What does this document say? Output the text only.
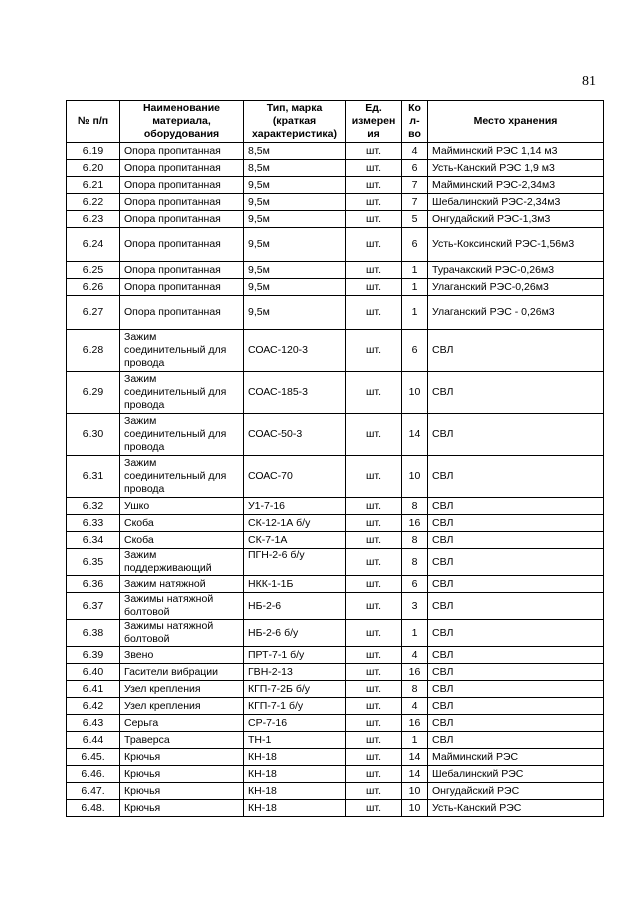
81
№ п/п	Наименование материала, оборудования	Тип, марка (краткая характеристика)	Ед. измерен ия	Ко л- во	Место хранения
6.19	Опора пропитанная	8,5м	шт.	4	Майминский РЭС 1,14 м3
6.20	Опора пропитанная	8,5м	шт.	6	Усть-Канский РЭС 1,9 м3
6.21	Опора пропитанная	9,5м	шт.	7	Майминский РЭС-2,34м3
6.22	Опора пропитанная	9,5м	шт.	7	Шебалинский РЭС-2,34м3
6.23	Опора пропитанная	9,5м	шт.	5	Онгудайский РЭС-1,3м3
6.24	Опора пропитанная	9,5м	шт.	6	Усть-Коксинский РЭС-1,56м3
6.25	Опора пропитанная	9,5м	шт.	1	Турачакский РЭС-0,26м3
6.26	Опора пропитанная	9,5м	шт.	1	Улаганский РЭС-0,26м3
6.27	Опора пропитанная	9,5м	шт.	1	Улаганский РЭС - 0,26м3
6.28	Зажим соединительный для провода	СОАС-120-3	шт.	6	СВЛ
6.29	Зажим соединительный для провода	СОАС-185-3	шт.	10	СВЛ
6.30	Зажим соединительный для провода	СОАС-50-3	шт.	14	СВЛ
6.31	Зажим соединительный для провода	СОАС-70	шт.	10	СВЛ
6.32	Ушко	У1-7-16	шт.	8	СВЛ
6.33	Скоба	СК-12-1А б/у	шт.	16	СВЛ
6.34	Скоба	СК-7-1А	шт.	8	СВЛ
6.35	Зажим поддерживающий	ПГН-2-6 б/у	шт.	8	СВЛ
6.36	Зажим натяжной	НКК-1-1Б	шт.	6	СВЛ
6.37	Зажимы натяжной болтовой	НБ-2-6	шт.	3	СВЛ
6.38	Зажимы натяжной болтовой	НБ-2-6 б/у	шт.	1	СВЛ
6.39	Звено	ПРТ-7-1 б/у	шт.	4	СВЛ
6.40	Гасители вибрации	ГВН-2-13	шт.	16	СВЛ
6.41	Узел крепления	КГП-7-2Б б/у	шт.	8	СВЛ
6.42	Узел крепления	КГП-7-1 б/у	шт.	4	СВЛ
6.43	Серьга	СР-7-16	шт.	16	СВЛ
6.44	Траверса	ТН-1	шт.	1	СВЛ
6.45.	Крючья	КН-18	шт.	14	Майминский РЭС
6.46.	Крючья	КН-18	шт.	14	Шебалинский РЭС
6.47.	Крючья	КН-18	шт.	10	Онгудайский РЭС
6.48.	Крючья	КН-18	шт.	10	Усть-Канский РЭС
